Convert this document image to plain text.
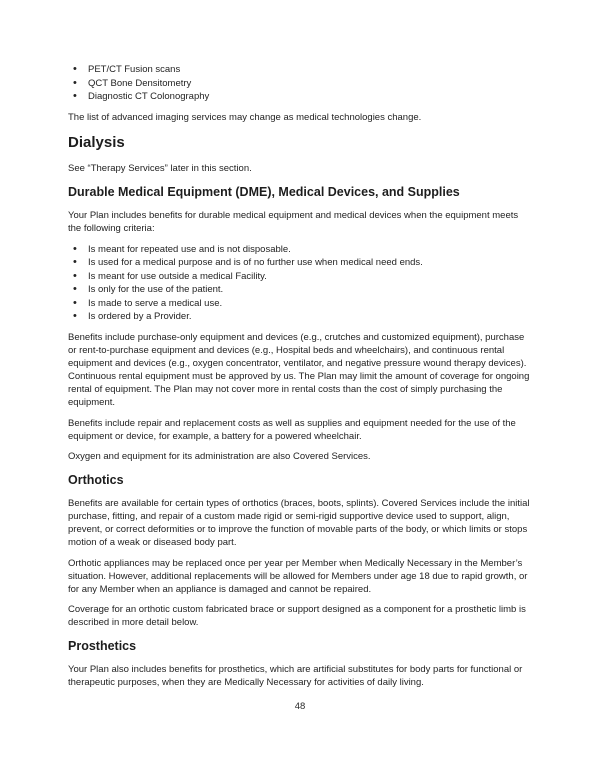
• PET/CT Fusion scans
• QCT Bone Densitometry
• Diagnostic CT Colonography

The list of advanced imaging services may change as medical technologies change.

Dialysis

See “Therapy Services” later in this section.

Durable Medical Equipment (DME), Medical Devices, and Supplies

Your Plan includes benefits for durable medical equipment and medical devices when the equipment meets the following criteria:

• Is meant for repeated use and is not disposable.
• Is used for a medical purpose and is of no further use when medical need ends.
• Is meant for use outside a medical Facility.
• Is only for the use of the patient.
• Is made to serve a medical use.
• Is ordered by a Provider.

Benefits include purchase-only equipment and devices (e.g., crutches and customized equipment), purchase or rent-to-purchase equipment and devices (e.g., Hospital beds and wheelchairs), and continuous rental equipment and devices (e.g., oxygen concentrator, ventilator, and negative pressure wound therapy devices). Continuous rental equipment must be approved by us. The Plan may limit the amount of coverage for ongoing rental of equipment. The Plan may not cover more in rental costs than the cost of simply purchasing the equipment.

Benefits include repair and replacement costs as well as supplies and equipment needed for the use of the equipment or device, for example, a battery for a powered wheelchair.

Oxygen and equipment for its administration are also Covered Services.

Orthotics

Benefits are available for certain types of orthotics (braces, boots, splints). Covered Services include the initial purchase, fitting, and repair of a custom made rigid or semi-rigid supportive device used to support, align, prevent, or correct deformities or to improve the function of movable parts of the body, or which limits or stops motion of a weak or diseased body part.

Orthotic appliances may be replaced once per year per Member when Medically Necessary in the Member’s situation. However, additional replacements will be allowed for Members under age 18 due to rapid growth, or for any Member when an appliance is damaged and cannot be repaired.

Coverage for an orthotic custom fabricated brace or support designed as a component for a prosthetic limb is described in more detail below.

Prosthetics

Your Plan also includes benefits for prosthetics, which are artificial substitutes for body parts for functional or therapeutic purposes, when they are Medically Necessary for activities of daily living.

48
